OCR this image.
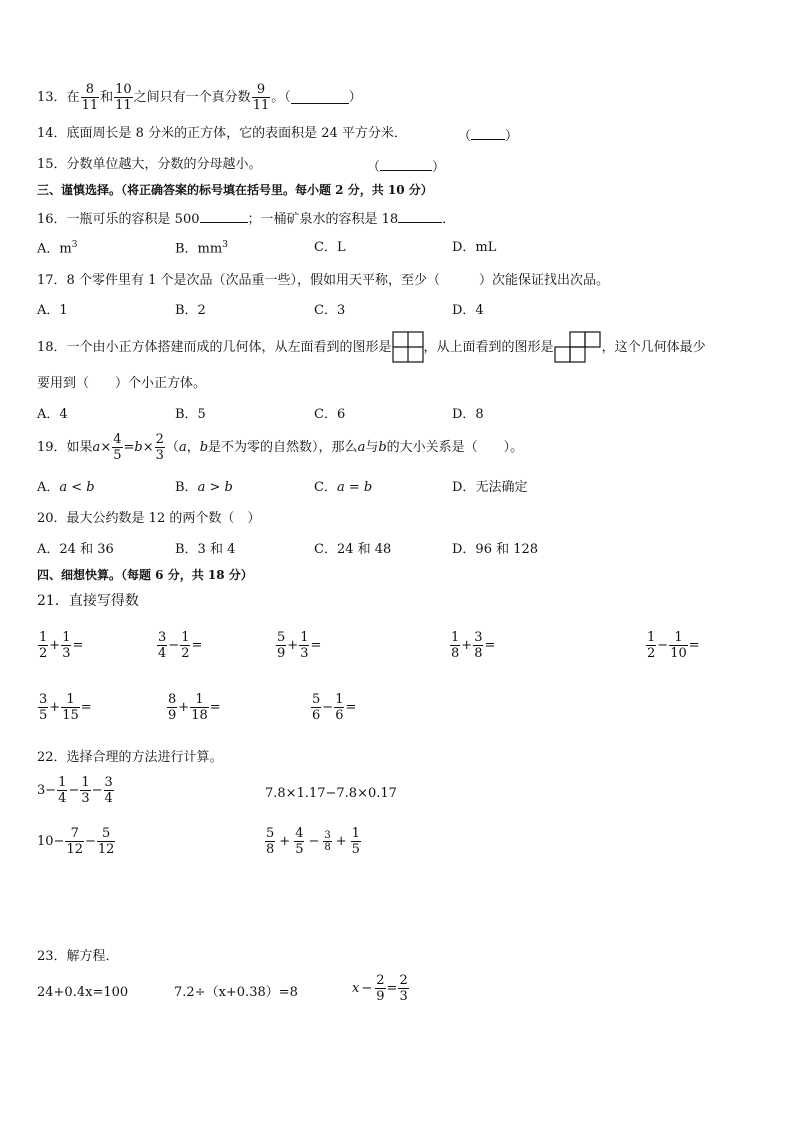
13． 在 $\frac{8}{11}$ 和 $\frac{10}{11}$ 之间只有一个真分数 $\frac{9}{11}$ 。（	）
14．底面周长是 8 分米的正方体，它的表面积是 24 平方分米．	（	）
15．分数单位越大，分数的分母越小。	（	）
三、谨慎选择。（将正确答案的标号填在括号里。每小题 2 分，共 10 分）
16．一瓶可乐的容积是 500	；一桶矿泉水的容积是 18	．
A．$m^3$	B．$mm^3$	C．L	D．mL
17．8 个零件里有 1 个是次品（次品重一些），假如用天平称，至少（　　　）次能保证找出次品。
A．1	B．2	C．3	D．4
18．一个由小正方体搭建而成的几何体，从左面看到的图形是 ，从上面看到的图形是	，这个几何体最少
要用到（　　）个小正方体。
A．4	B．5	C．6	D．8
19．如果 $a \times \frac{4}{5} = b \times \frac{2}{3}$ （ a ， b 是不为零的自然数），那么 a 与 b 的大小关系是（　　）。
A．a < b	B．a > b	C．a = b	D．无法确定
20．最大公约数是 12 的两个数（　）
A．24 和 36	B．3 和 4	C．24 和 48	D．96 和 128
四、细想快算。（每题 6 分，共 18 分）
21．直接写得数
22．选择合理的方法进行计算。
$3- \frac{1}{4} - \frac{1}{3} - \frac{3}{4}$	7.8×1.17−7.8×0.17
$10- \frac{7}{12} - \frac{5}{12}$	$\frac{5}{8} + \frac{4}{5} - \frac{3}{8} + \frac{1}{5}$
23．解方程．
24+0.4x=100	7.2÷（x+0.38）=8	$x - \frac{2}{9} = \frac{2}{3}$
$\frac{1}{2} + \frac{1}{3}$ =	$\frac{3}{4} - \frac{1}{2}$ =	$\frac{5}{9} + \frac{1}{3}$ =	$\frac{1}{8} + \frac{3}{8}$ =	$\frac{1}{2} - \frac{1}{10}$ =
$\frac{3}{5} + \frac{1}{15}$ =	$\frac{8}{9} + \frac{1}{18}$ =	$\frac{5}{6} - \frac{1}{6}$ =
